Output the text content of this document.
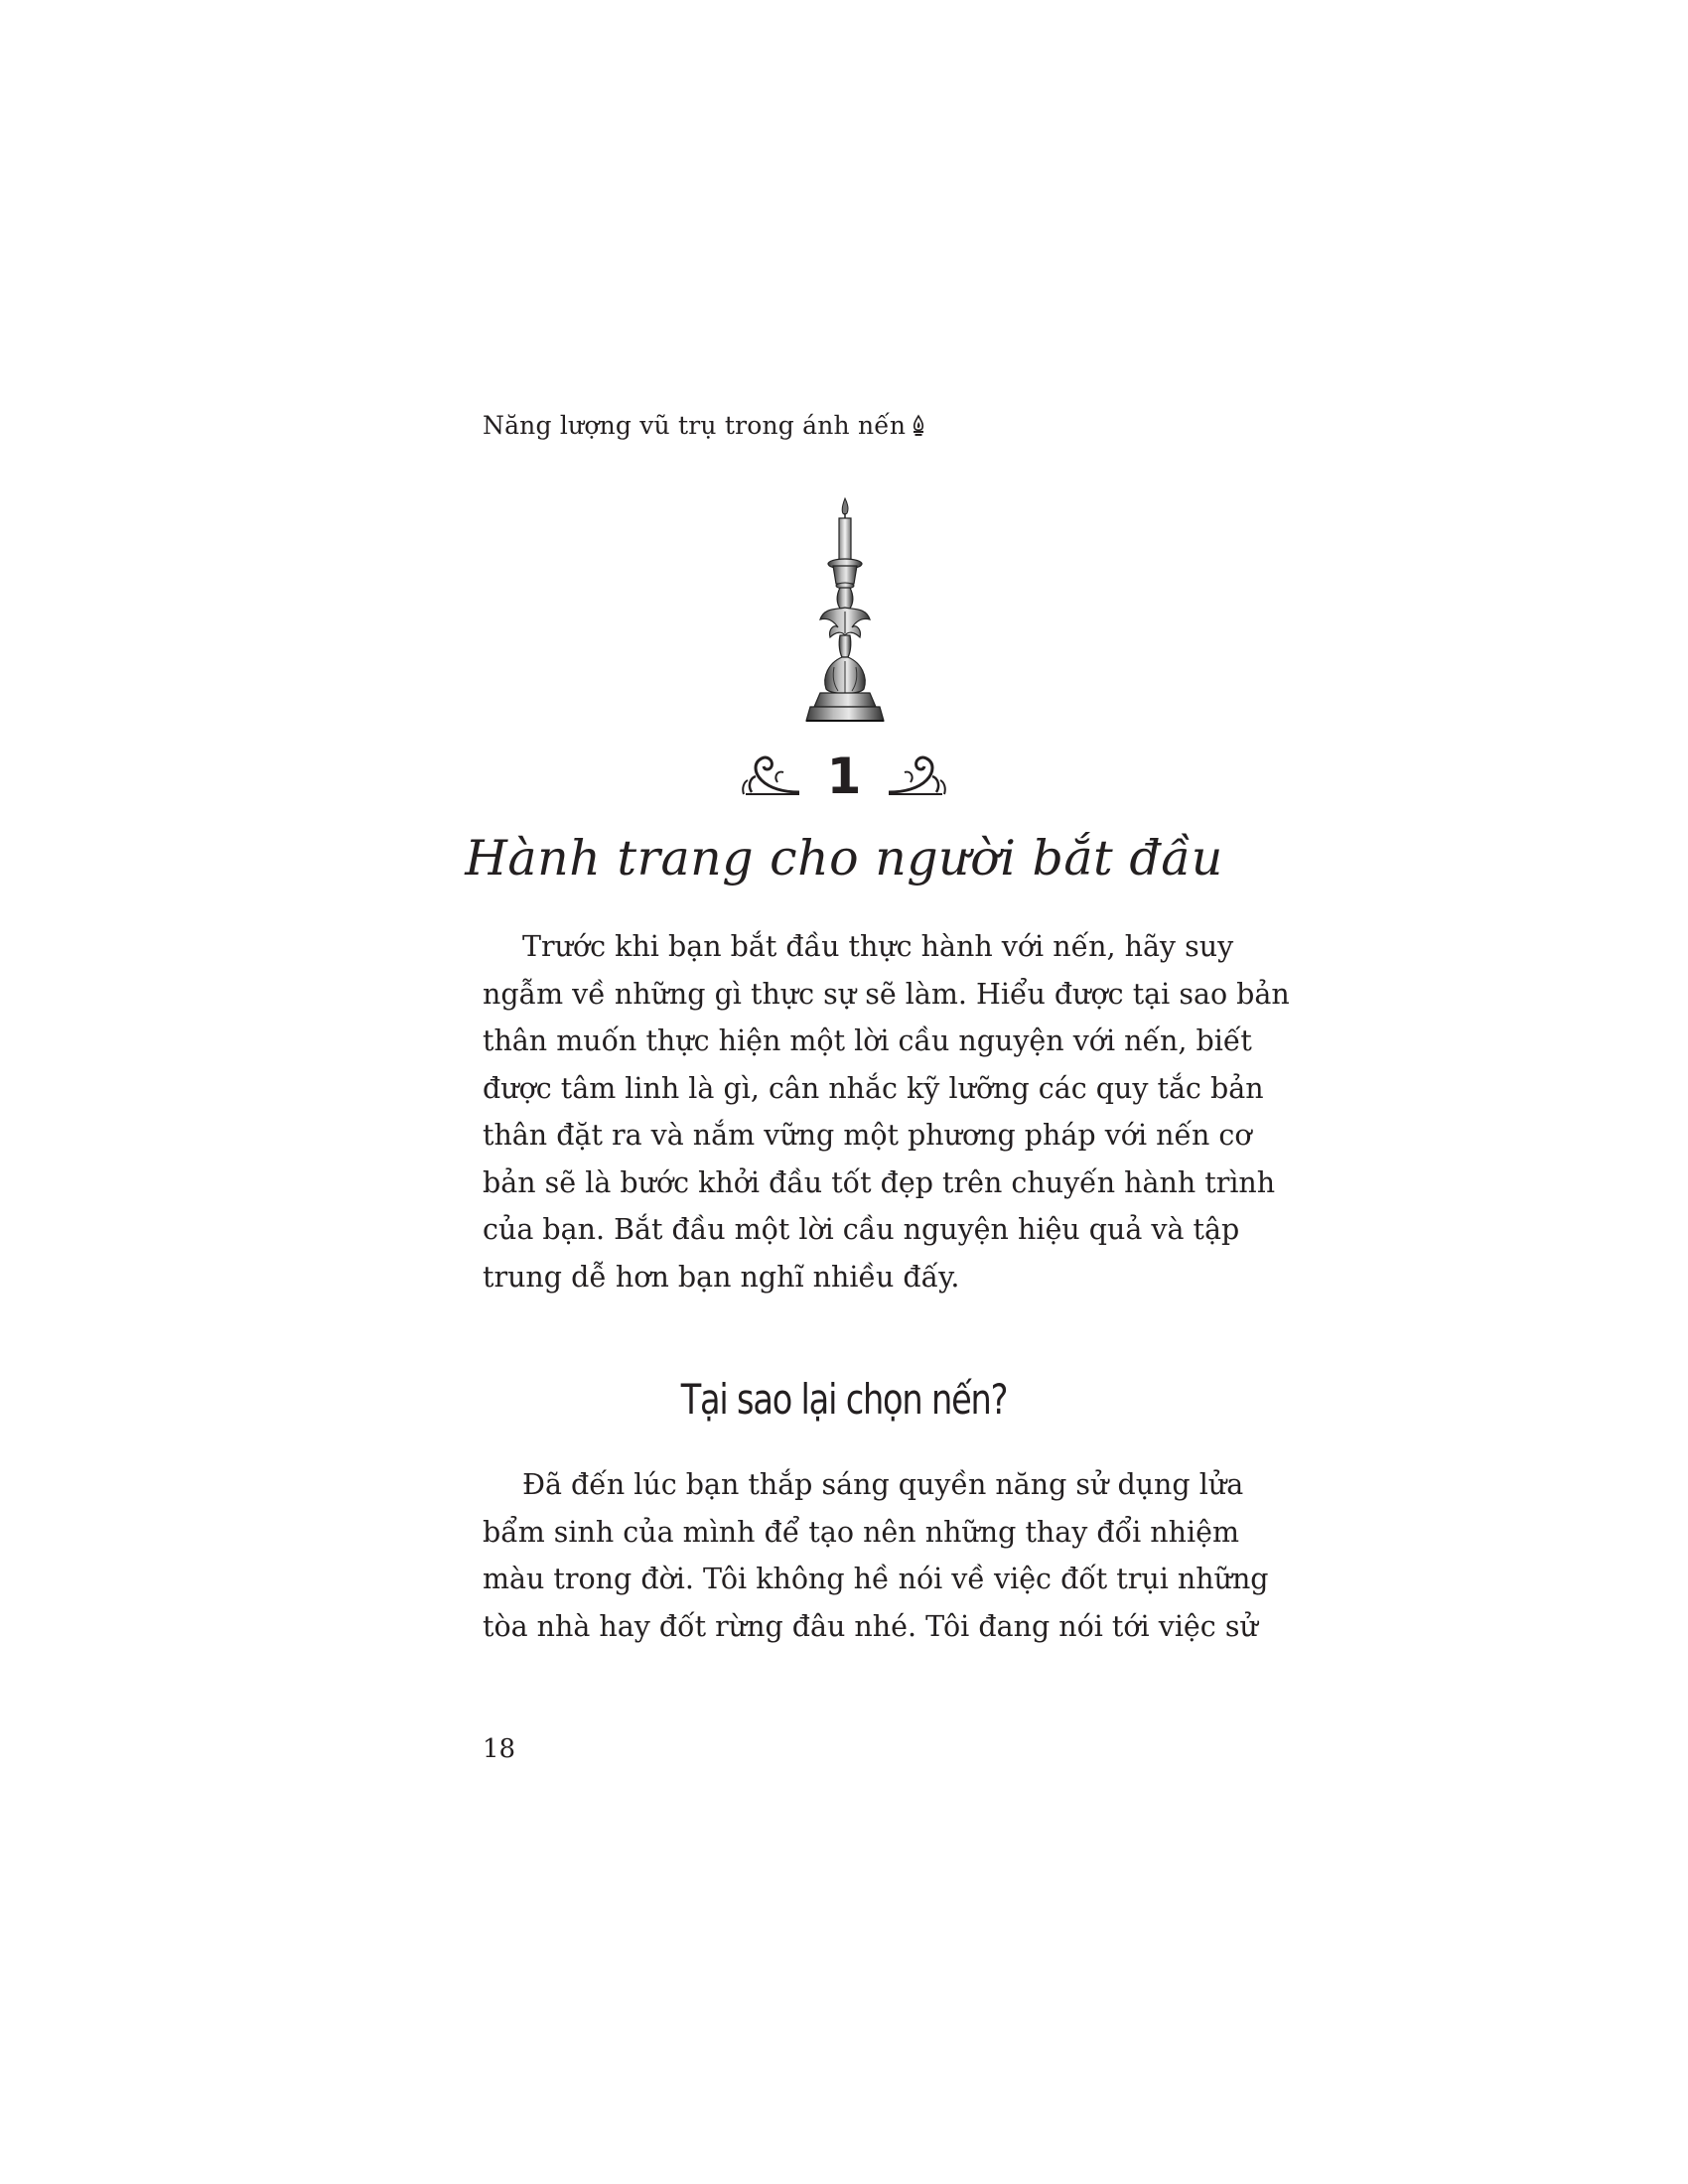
Năng lượng vũ trụ trong ánh nến
1
Hành trang cho người bắt đầu
Trước khi bạn bắt đầu thực hành với nến, hãy suy
ngẫm về những gì thực sự sẽ làm. Hiểu được tại sao bản
thân muốn thực hiện một lời cầu nguyện với nến, biết
được tâm linh là gì, cân nhắc kỹ lưỡng các quy tắc bản
thân đặt ra và nắm vững một phương pháp với nến cơ
bản sẽ là bước khởi đầu tốt đẹp trên chuyến hành trình
của bạn. Bắt đầu một lời cầu nguyện hiệu quả và tập
trung dễ hơn bạn nghĩ nhiều đấy.
Tại sao lại chọn nến?
Đã đến lúc bạn thắp sáng quyền năng sử dụng lửa
bẩm sinh của mình để tạo nên những thay đổi nhiệm
màu trong đời. Tôi không hề nói về việc đốt trụi những
tòa nhà hay đốt rừng đâu nhé. Tôi đang nói tới việc sử
18
